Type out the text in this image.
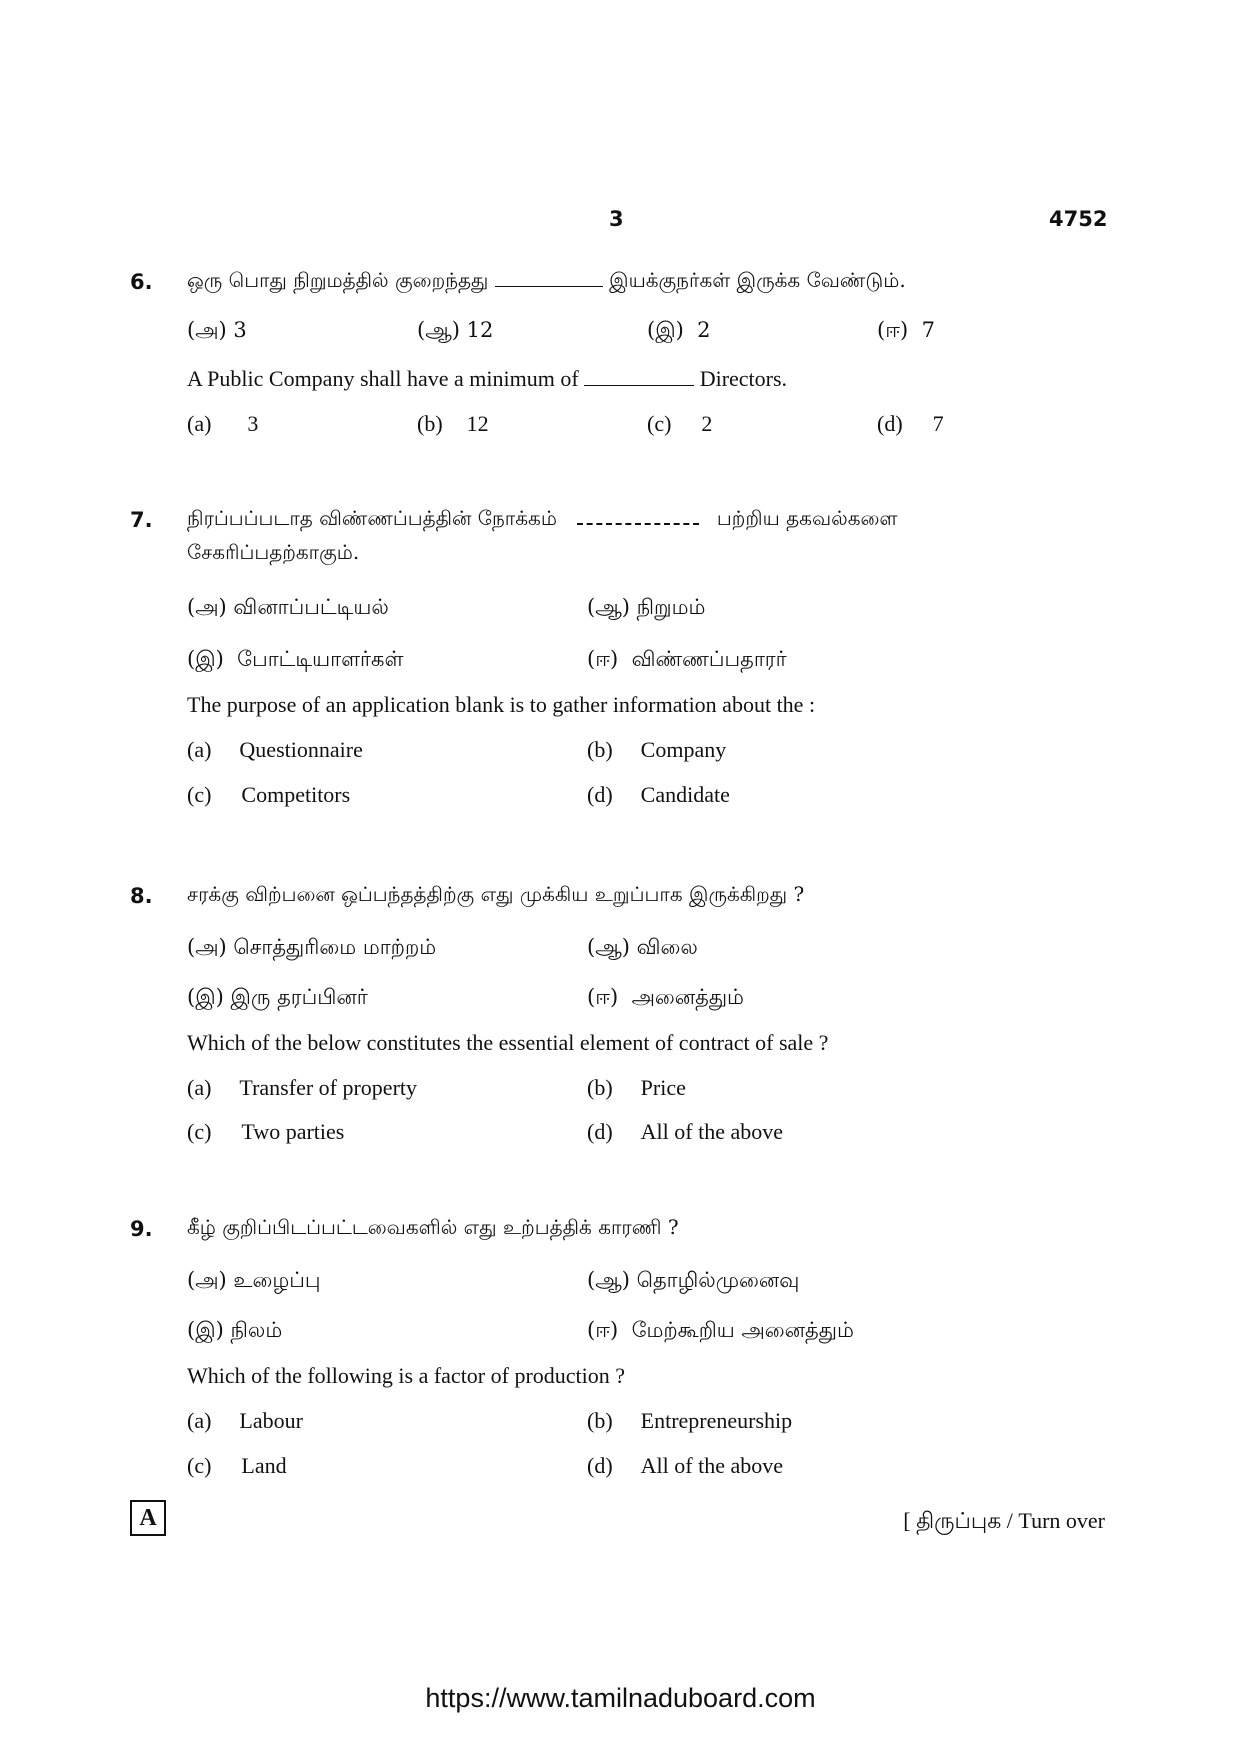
3	4752
6. ஒரு பொது நிறுமத்தில் குறைந்தது	இயக்குநர்கள் இருக்க வேண்டும்.
(அ) 3	(ஆ) 12	(இ) 2	(ஈ) 7
A Public Company shall have a minimum of	Directors.
(a) 3	(b) 12	(c) 2	(d) 7
7. நிரப்பப்படாத விண்ணப்பத்தின் நோக்கம்	பற்றிய தகவல்களை
சேகரிப்பதற்காகும்.
(அ) வினாப்பட்டியல்	(ஆ) நிறுமம்
(இ) போட்டியாளர்கள்	(ஈ) விண்ணப்பதாரர்
The purpose of an application blank is to gather information about the :
(a) Questionnaire	(b) Company
(c) Competitors	(d) Candidate
8. சரக்கு விற்பனை ஒப்பந்தத்திற்கு எது முக்கிய உறுப்பாக இருக்கிறது ?
(அ) சொத்துரிமை மாற்றம்	(ஆ) விலை
(இ) இரு தரப்பினர்	(ஈ) அனைத்தும்
Which of the below constitutes the essential element of contract of sale ?
(a) Transfer of property	(b) Price
(c) Two parties	(d) All of the above
9. கீழ் குறிப்பிடப்பட்டவைகளில் எது உற்பத்திக் காரணி ?
(அ) உழைப்பு	(ஆ) தொழில்முனைவு
(இ) நிலம்	(ஈ) மேற்கூறிய அனைத்தும்
Which of the following is a factor of production ?
(a) Labour	(b) Entrepreneurship
(c) Land	(d) All of the above
A	[ திருப்புக / Turn over
https://www.tamilnaduboard.com
